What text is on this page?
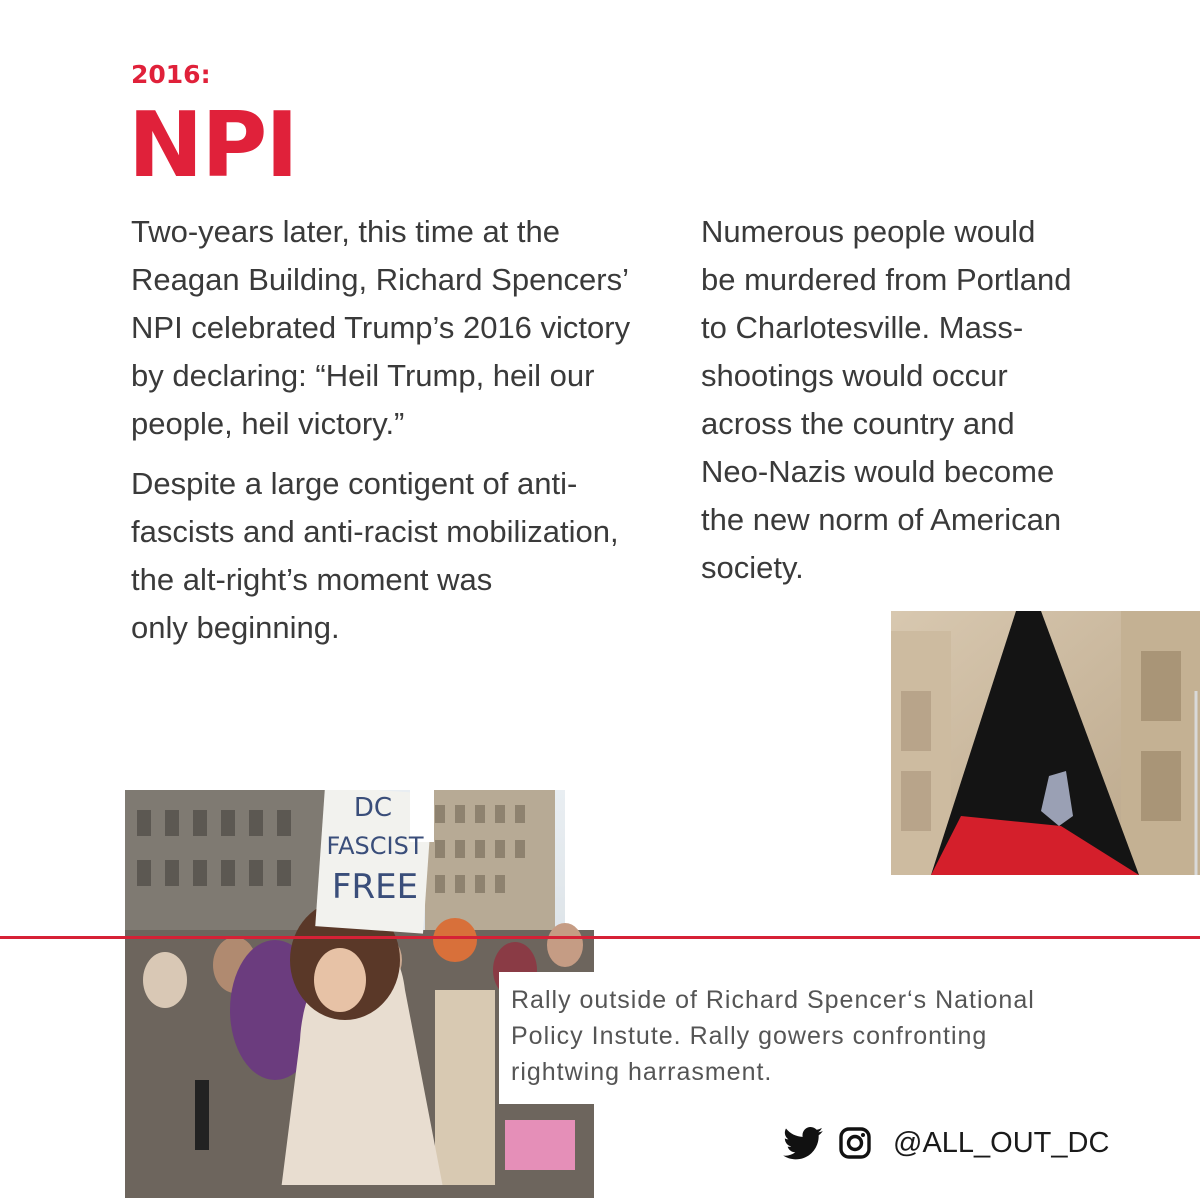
2016:
NPI

Two-years later, this time at the
Reagan Building, Richard Spencers’
NPI celebrated Trump’s 2016 victory
by declaring: “Heil Trump, heil our
people, heil victory.”

Despite a large contigent of anti-
fascists and anti-racist mobilization,
the alt-right’s moment was
only beginning.

Numerous people would
be murdered from Portland
to Charlotesville. Mass-
shootings would occur
across the country and
Neo-Nazis would become
the new norm of American
society.

DC
FASCIST
FREE

Rally outside of Richard Spencer‘s National
Policy Instute. Rally gowers confronting
rightwing harrasment.

@ALL_OUT_DC
